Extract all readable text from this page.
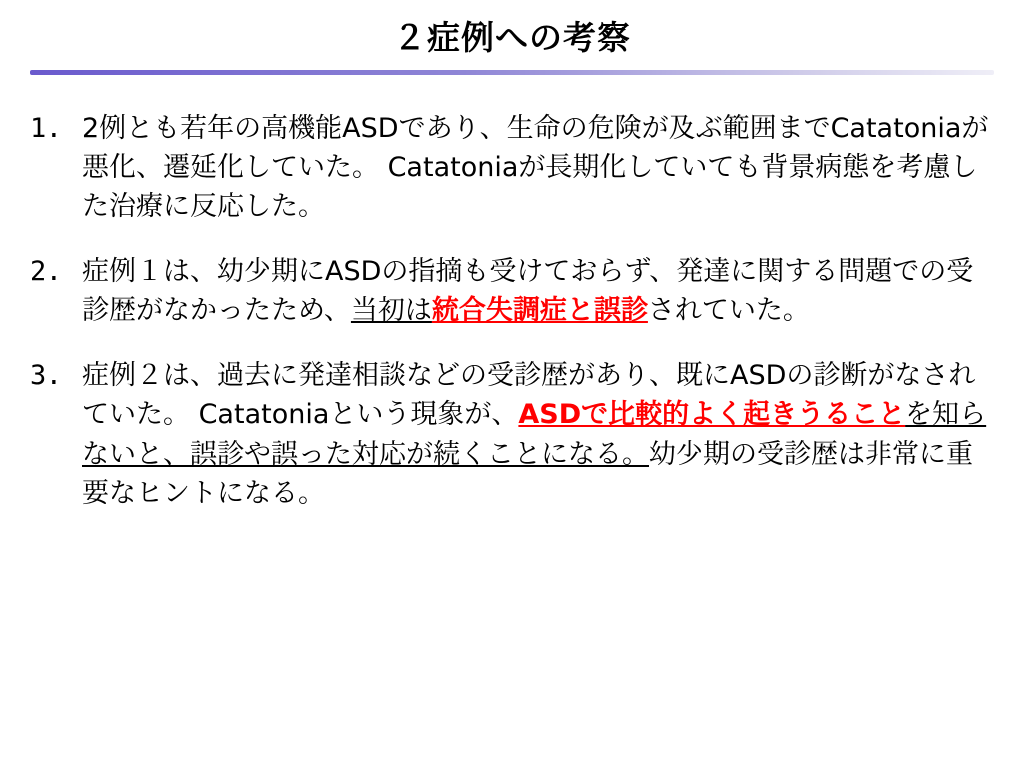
２症例への考察
1. 2例とも若年の高機能ASDであり、生命の危険が及ぶ範囲までCatatoniaが悪化、遷延化していた。 Catatoniaが長期化していても背景病態を考慮した治療に反応した。
2. 症例１は、幼少期にASDの指摘も受けておらず、発達に関する問題での受診歴がなかったため、当初は統合失調症と誤診されていた。
3. 症例２は、過去に発達相談などの受診歴があり、既にASDの診断がなされていた。 Catatoniaという現象が、ASDで比較的よく起きうることを知らないと、誤診や誤った対応が続くことになる。幼少期の受診歴は非常に重要なヒントになる。
